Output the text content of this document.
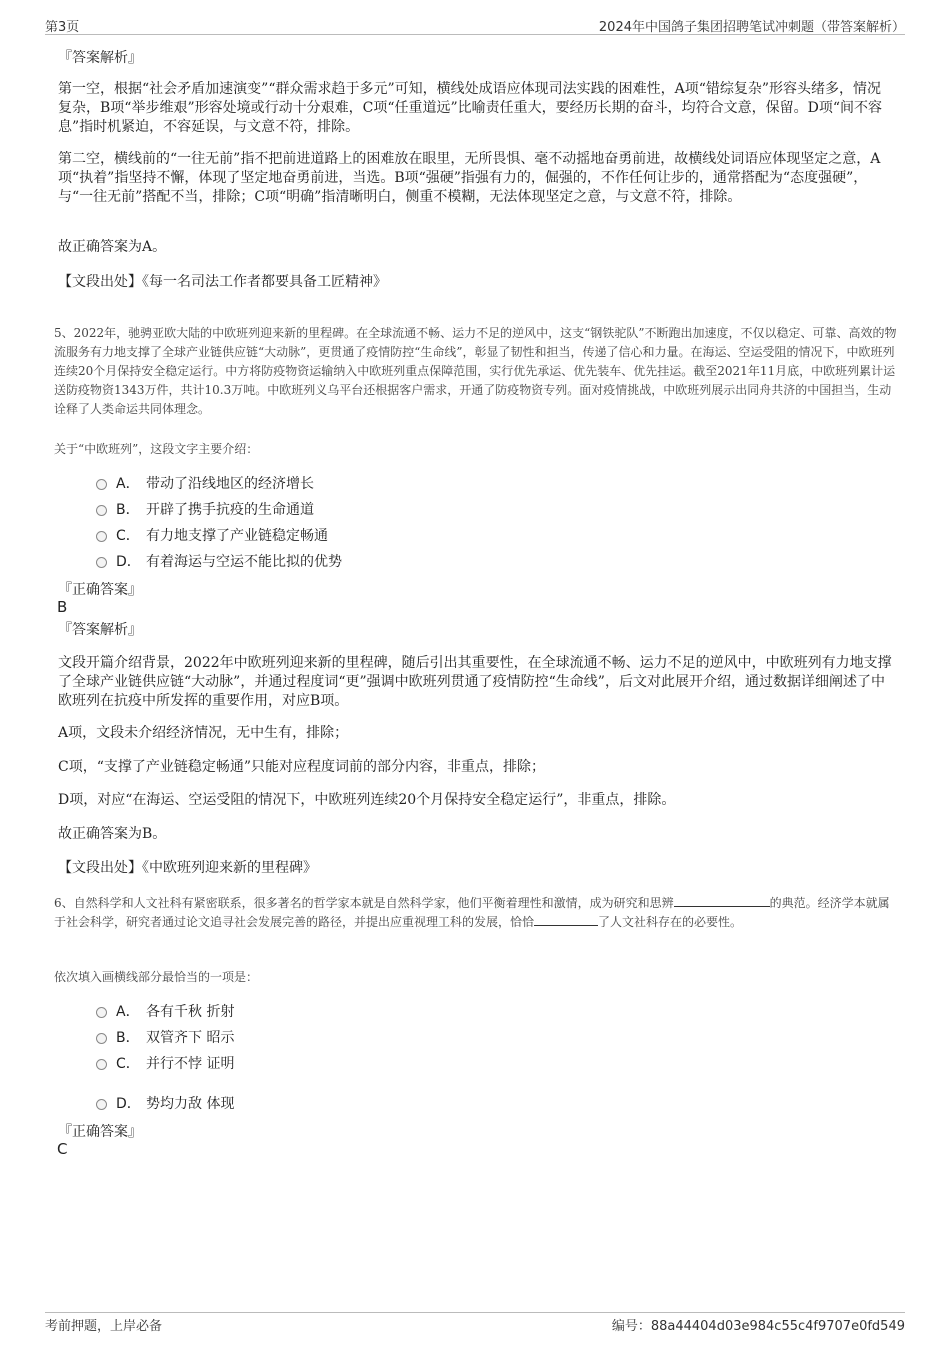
第3页	2024年中国鸽子集团招聘笔试冲刺题（带答案解析）
『答案解析』
第一空，根据“社会矛盾加速演变”“群众需求趋于多元”可知，横线处成语应体现司法实践的困难性，A项“错综复杂”形容头绪多，情况复杂，B项“举步维艰”形容处境或行动十分艰难，C项“任重道远”比喻责任重大，要经历长期的奋斗，均符合文意，保留。D项“间不容息”指时机紧迫，不容延误，与文意不符，排除。
第二空，横线前的“一往无前”指不把前进道路上的困难放在眼里，无所畏惧、毫不动摇地奋勇前进，故横线处词语应体现坚定之意，A项“执着”指坚持不懈，体现了坚定地奋勇前进，当选。B项“强硬”指强有力的，倔强的，不作任何让步的，通常搭配为“态度强硬”，与“一往无前”搭配不当，排除；C项“明确”指清晰明白，侧重不模糊，无法体现坚定之意，与文意不符，排除。
故正确答案为A。
【文段出处】《每一名司法工作者都要具备工匠精神》
5、2022年，驰骋亚欧大陆的中欧班列迎来新的里程碑。在全球流通不畅、运力不足的逆风中，这支“钢铁驼队”不断跑出加速度，不仅以稳定、可靠、高效的物流服务有力地支撑了全球产业链供应链“大动脉”，更贯通了疫情防控“生命线”，彰显了韧性和担当，传递了信心和力量。在海运、空运受阻的情况下，中欧班列连续20个月保持安全稳定运行。中方将防疫物资运输纳入中欧班列重点保障范围，实行优先承运、优先装车、优先挂运。截至2021年11月底，中欧班列累计运送防疫物资1343万件，共计10.3万吨。中欧班列义乌平台还根据客户需求，开通了防疫物资专列。面对疫情挑战，中欧班列展示出同舟共济的中国担当，生动诠释了人类命运共同体理念。
关于“中欧班列”，这段文字主要介绍：
A． 带动了沿线地区的经济增长
B． 开辟了携手抗疫的生命通道
C． 有力地支撑了产业链稳定畅通
D． 有着海运与空运不能比拟的优势
『正确答案』
B
『答案解析』
文段开篇介绍背景，2022年中欧班列迎来新的里程碑，随后引出其重要性，在全球流通不畅、运力不足的逆风中，中欧班列有力地支撑了全球产业链供应链“大动脉”，并通过程度词“更”强调中欧班列贯通了疫情防控“生命线”，后文对此展开介绍，通过数据详细阐述了中欧班列在抗疫中所发挥的重要作用，对应B项。
A项，文段未介绍经济情况，无中生有，排除；
C项，“支撑了产业链稳定畅通”只能对应程度词前的部分内容，非重点，排除；
D项，对应“在海运、空运受阻的情况下，中欧班列连续20个月保持安全稳定运行”，非重点，排除。
故正确答案为B。
【文段出处】《中欧班列迎来新的里程碑》
6、自然科学和人文社科有紧密联系，很多著名的哲学家本就是自然科学家，他们平衡着理性和激情，成为研究和思辨	的典范。经济学本就属于社会科学，研究者通过论文追寻社会发展完善的路径，并提出应重视理工科的发展，恰恰	了人文社科存在的必要性。
依次填入画横线部分最恰当的一项是：
A． 各有千秋 折射
B． 双管齐下 昭示
C． 并行不悖 证明
D． 势均力敌 体现
『正确答案』
C
考前押题，上岸必备	编号：88a44404d03e984c55c4f9707e0fd549
